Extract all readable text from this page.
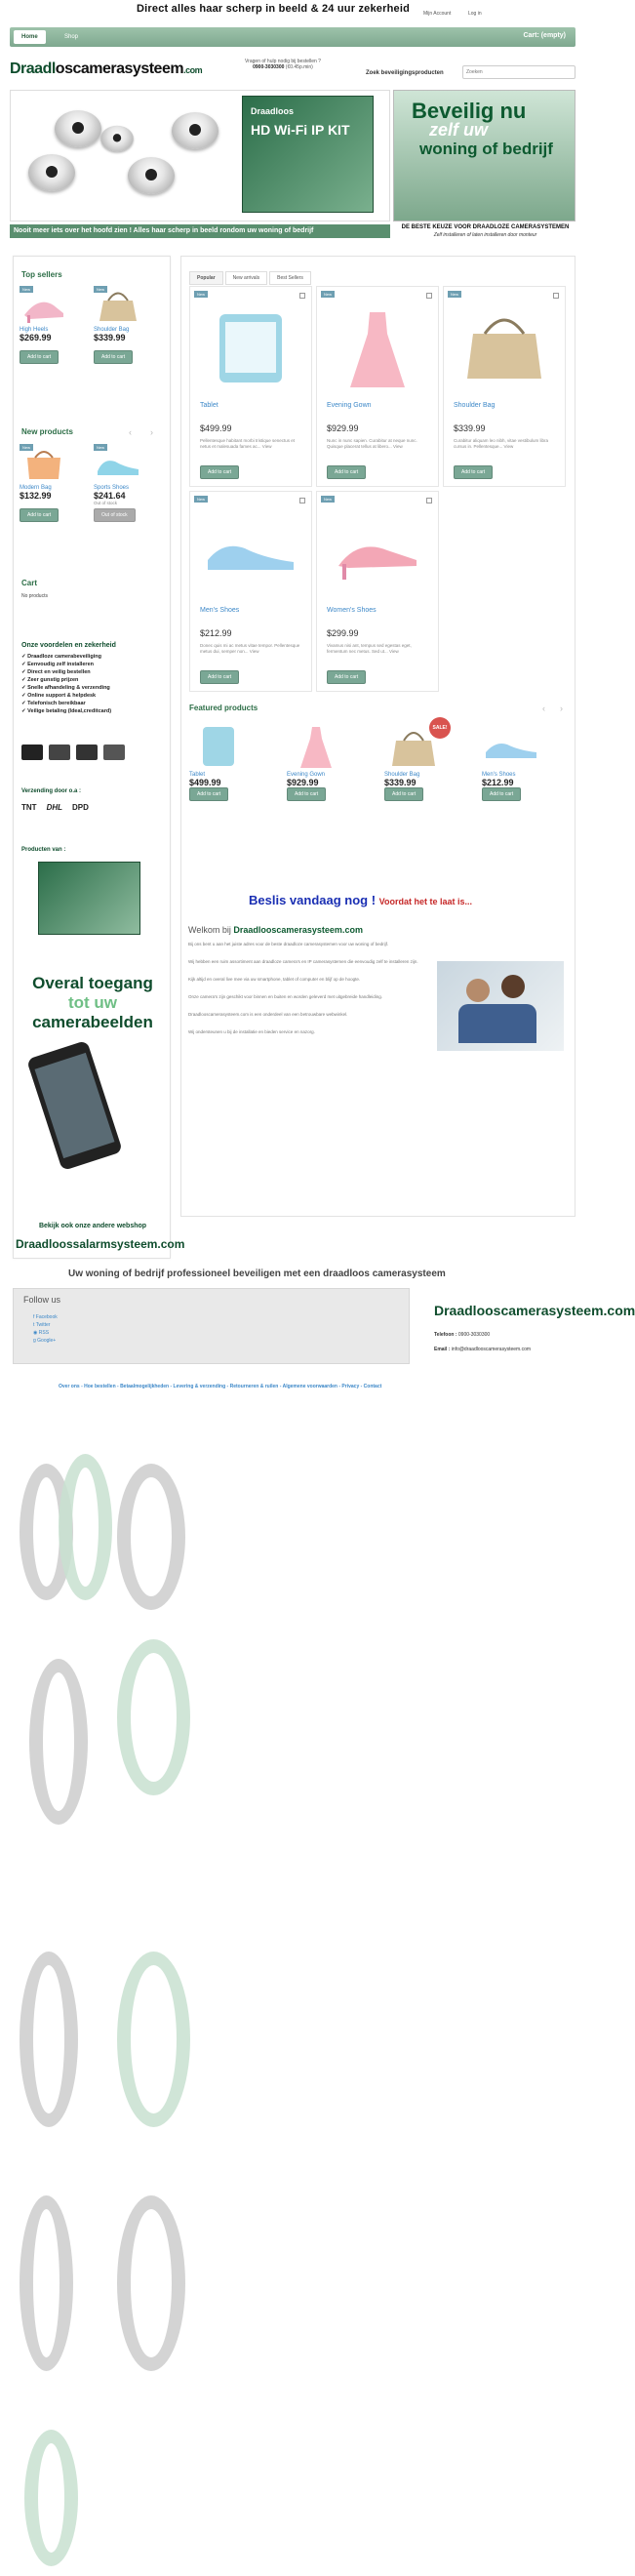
Direct alles haar scherp in beeld & 24 uur zekerheid	Mijn Account	Log in
Home	Shop	Cart: (empty)
Draadloscamerasysteem.com
Vragen of hulp nodig bij bestellen ?
0900-3030300 (€0.45p.min)
Zoek beveiligingsproducten
Zoeken
Draadloos
HD Wi-Fi IP KIT
Beveilig nu
zelf uw
woning of bedrijf
Nooit meer iets over het hoofd zien ! Alles haar scherp in beeld rondom uw woning of bedrijf	DE BESTE KEUZE VOOR DRAADLOZE CAMERASYSTEMEN
Zelf installeren of laten installeren door monteur
Top sellers
New
High Heels
$269.99
Add to cart
New
Shoulder Bag
$339.99
Add to cart
New products	‹ ›
New
Modern Bag
$132.99
Add to cart
New
Sports Shoes
$241.64
Out of stock
Out of stock
Cart
No products
Onze voordelen en zekerheid
✓ Draadloze camerabeveiliging
✓ Eenvoudig zelf installeren
✓ Direct en veilig bestellen
✓ Zeer gunstig prijzen
✓ Snelle afhandeling & verzending
✓ Online support & helpdesk
✓ Telefonisch bereikbaar
✓ Veilige betaling (Ideal,creditcard)
Verzending door o.a :
TNT DHL DPD
Producten van :
Overal toegang
tot uw
camerabeelden
Bekijk ook onze andere webshop
Draadloossalarmsysteem.com
Popular	New arrivals	Best Sellers
New
Tablet
$499.99
Pellentesque habitant morbi tristique senectus et netus et malesuada fames ac... View
Add to cart
New
Evening Gown
$929.99
Nunc in nunc sapien. Curabitur at neque nunc. Quisque placerat tellus at libero... View
Add to cart
New
Shoulder Bag
$339.99
Curabitur aliquam leo nibh, vitae vestibulum libra cursus in. Pellentesque... View
Add to cart
New
Men's Shoes
$212.99
Donec quis mi ac metus vitae tempor. Pellentesque metus dui, semper non... View
Add to cart
New
Women's Shoes
$299.99
Vivamus nisi ant, tempus sed egestas eget, fermentum nec metus. Sed ut... View
Add to cart
Featured products	‹ ›
Tablet
$499.99
Add to cart
Evening Gown
$929.99
Add to cart
SALE!
Shoulder Bag
$339.99
Add to cart
Men's Shoes
$212.99
Add to cart
Beslis vandaag nog ! Voordat het te laat is...
Welkom bij Draadlooscamerasysteem.com
Bij ons bent u aan het juiste adres voor de beste draadloze camerasystemen voor uw woning of bedrijf.
Wij hebben een ruim assortiment aan draadloze camera's en IP camerasystemen die eenvoudig zelf te installeren zijn.
Kijk altijd en overal live mee via uw smartphone, tablet of computer en blijf op de hoogte.
Onze camera's zijn geschikt voor binnen en buiten en worden geleverd met uitgebreide handleiding.
Draadlooscamerasysteem.com is een onderdeel van een betrouwbare webwinkel.
Wij ondersteunen u bij de installatie en bieden service en nazorg.
Uw woning of bedrijf professioneel beveiligen met een draadloos camerasysteem
Follow us
f Facebook
t Twitter
◉ RSS
g Google+
Draadlooscamerasysteem.com
Telefoon : 0900-3030300
Email : info@draadlooscamerasysteem.com
Over ons - Hoe bestellen - Betaalmogelijkheden - Levering & verzending - Retourneren & ruilen - Algemene voorwaarden - Privacy - Contact
